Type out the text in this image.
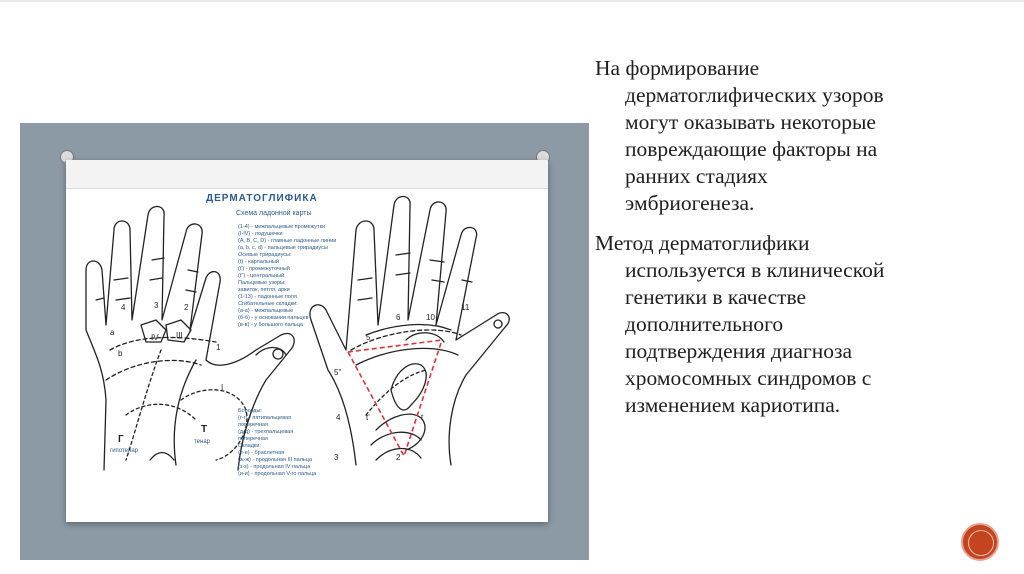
4	3	2
1
IV III
I
a
b
5
6	10
11
5"
t'	t
2
4
3
T
Г	тенар
гипотенар
ДЕРМАТОГЛИФИКА
Схема ладонной карты
(1-4) - межпальцевые промежутки
(I-IV) - подушечки
(A, B, C, D) - главные ладонные линии
(a, b, c, d) - пальцевые трирадиусы
Осевые трирадиусы:
(t) - карпальный
(t') - промежуточный
(t'') - центральный
Пальцевые узоры:
завиток, петля, арки
(1-13) - ладонные поля
Сгибательные складки:
(а-а) - межпальцевые
(б-б) - у основания пальцев
(в-в) - у большого пальца
Борозды:
(г-г) - пятипальцевая
поперечная
(д-д) - трехпальцевая
поперечная
Складки:
(е-е) - браслетная
(ж-ж) - продольная III пальца
(з-з) - продольная IV пальца
(и-и) - продольная V-го пальца
На формирование
дерматоглифических узоров
могут оказывать некоторые
повреждающие факторы на
ранних стадиях
эмбриогенеза.
Метод дерматоглифики
используется в клинической
генетики в качестве
дополнительного
подтверждения диагноза
хромосомных синдромов с
изменением кариотипа.
